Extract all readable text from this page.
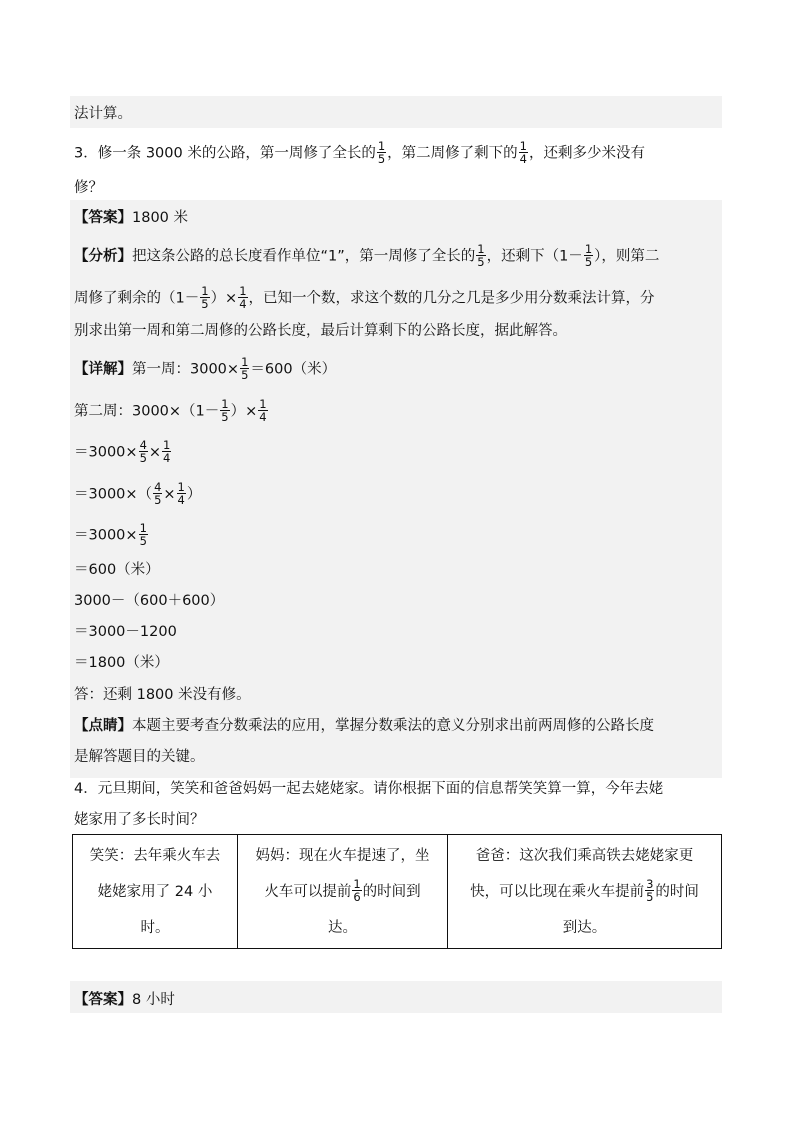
法计算。
3．修一条 3000 米的公路，第一周修了全长的 $\frac{1}{5}$ ，第二周修了剩下的 $\frac{1}{4}$ ，还剩多少米没有
修？
【答案】1800 米
【分析】把这条公路的总长度看作单位“1”，第一周修了全长的 $\frac{1}{5}$ ，还剩下（$1- \frac{1}{5}$ ），则第二
周修了剩余的（$1- \frac{1}{5}$ ）× $\frac{1}{4}$ ，已知一个数，求这个数的几分之几是多少用分数乘法计算，分
别求出第一周和第二周修的公路长度，最后计算剩下的公路长度，据此解答。
【详解】第一周：$3000\times \frac{1}{5} =600$（米）
第二周：$3000\times(1- \frac{1}{5}$ ）× $\frac{1}{4}$
$=3000\times \frac{4}{5} \times \frac{1}{4}$
$=3000\times( \frac{4}{5} \times \frac{1}{4}$ ）
$=3000\times \frac{1}{5}$
＝600（米）
3000－（600＋600）
＝3000－1200
＝1800（米）
答：还剩 1800 米没有修。
【点睛】本题主要考查分数乘法的应用，掌握分数乘法的意义分别求出前两周修的公路长度
是解答题目的关键。
4．元旦期间，笑笑和爸爸妈妈一起去姥姥家。请你根据下面的信息帮笑笑算一算，今年去姥
姥家用了多长时间？
笑笑：去年乘火车去
姥姥家用了 24 小
时。

妈妈：现在火车提速了，坐
火车可以提前 $\frac{1}{6}$ 的时间到
达。

爸爸：这次我们乘高铁去姥姥家更
快，可以比现在乘火车提前 $\frac{3}{5}$ 的时间
到达。
【答案】8 小时
